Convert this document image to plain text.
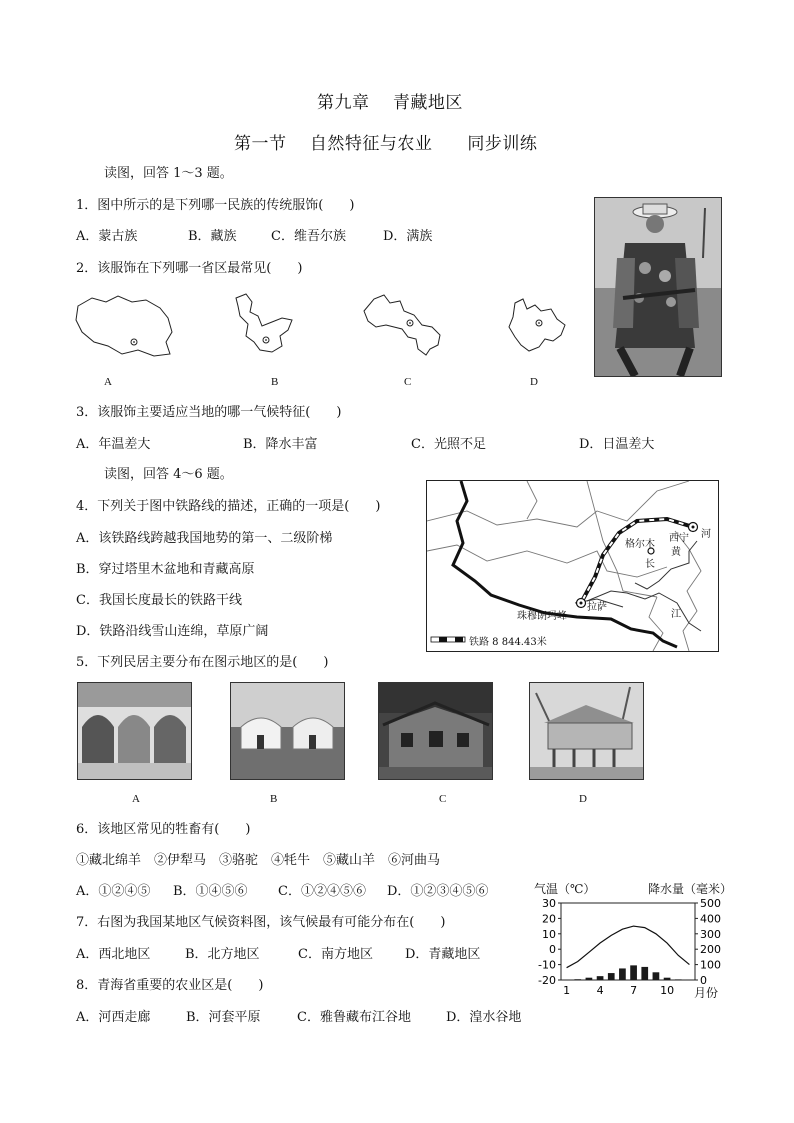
第九章　 青藏地区
第一节　 自然特征与农业　　同步训练
读图，回答 1～3 题。
1．图中所示的是下列哪一民族的传统服饰(　　)
A．蒙古族	B．藏族	C．维吾尔族	D．满族
2．该服饰在下列哪一省区最常见(　　)
A	B	C	D
3．该服饰主要适应当地的哪一气候特征(　　)
A．年温差大	B．降水丰富	C．光照不足	D．日温差大
读图，回答 4～6 题。
4．下列关于图中铁路线的描述，正确的一项是(　　)
A．该铁路线跨越我国地势的第一、二级阶梯
B．穿过塔里木盆地和青藏高原
C．我国长度最长的铁路干线
D．铁路沿线雪山连绵，草原广阔
西宁
格尔木
拉萨
珠穆朗玛峰
河
黄
长
江
铁路 8 844.43米
5．下列民居主要分布在图示地区的是(　　)
A	B	C	D
6．该地区常见的牲畜有(　　)
①藏北绵羊　②伊犁马　③骆驼　④牦牛　⑤藏山羊　⑥河曲马
A．①②④⑤ B．①④⑤⑥ C．①②④⑤⑥ D．①②③④⑤⑥
7．右图为我国某地区气候资料图，该气候最有可能分布在(　　)
A．西北地区	B．北方地区	C．南方地区 D．青藏地区
8．青海省重要的农业区是(　　)
A．河西走廊	B．河套平原	C．雅鲁藏布江谷地	D．湟水谷地
气温（℃）	降水量（毫米）
月份
30
20
10
0
-10
-20
500
400
300
200
100
0
1 4 7 10
